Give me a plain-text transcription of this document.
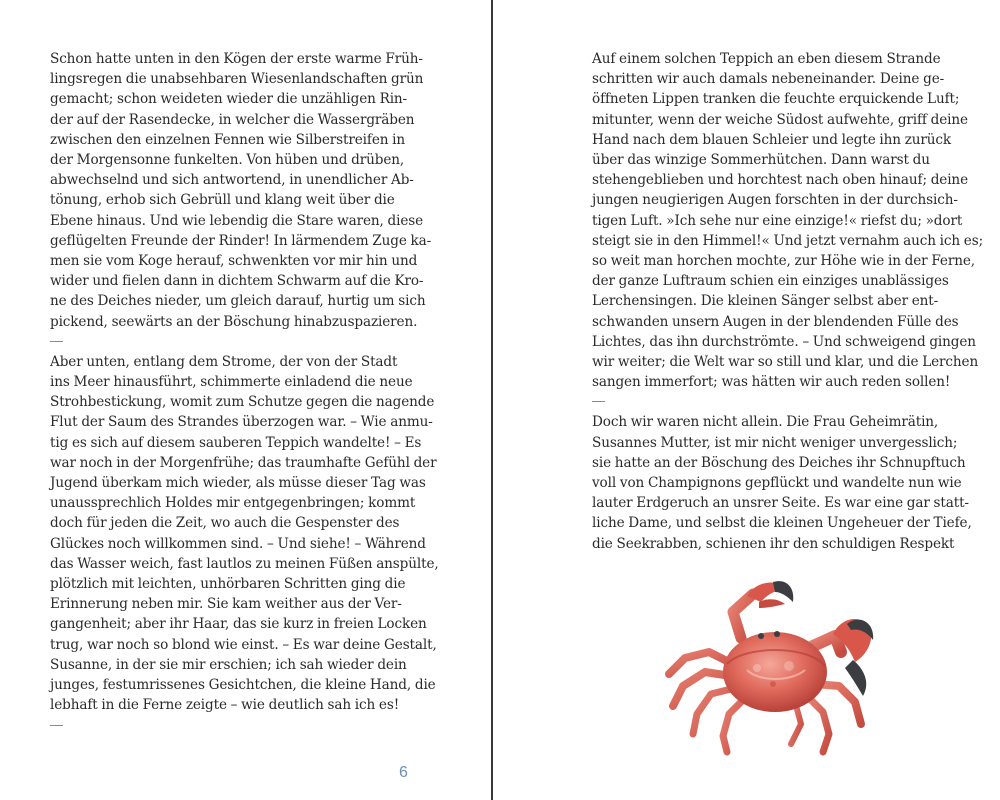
Schon hatte unten in den Kögen der erste warme Früh-
lingsregen die unabsehbaren Wiesenlandschaften grün
gemacht; schon weideten wieder die unzähligen Rin-
der auf der Rasendecke, in welcher die Wassergräben
zwischen den einzelnen Fennen wie Silberstreifen in
der Morgensonne funkelten. Von hüben und drüben,
abwechselnd und sich antwortend, in unendlicher Ab-
tönung, erhob sich Gebrüll und klang weit über die
Ebene hinaus. Und wie lebendig die Stare waren, diese
geflügelten Freunde der Rinder! In lärmendem Zuge ka-
men sie vom Koge herauf, schwenkten vor mir hin und
wider und fielen dann in dichtem Schwarm auf die Kro-
ne des Deiches nieder, um gleich darauf, hurtig um sich
pickend, seewärts an der Böschung hinabzuspazieren.

Aber unten, entlang dem Strome, der von der Stadt
ins Meer hinausführt, schimmerte einladend die neue
Strohbestickung, womit zum Schutze gegen die nagende
Flut der Saum des Strandes überzogen war. – Wie anmu-
tig es sich auf diesem sauberen Teppich wandelte! – Es
war noch in der Morgenfrühe; das traumhafte Gefühl der
Jugend überkam mich wieder, als müsse dieser Tag was
unaussprechlich Holdes mir entgegenbringen; kommt
doch für jeden die Zeit, wo auch die Gespenster des
Glückes noch willkommen sind. – Und siehe! – Während
das Wasser weich, fast lautlos zu meinen Füßen anspülte,
plötzlich mit leichten, unhörbaren Schritten ging die
Erinnerung neben mir. Sie kam weither aus der Ver-
gangenheit; aber ihr Haar, das sie kurz in freien Locken
trug, war noch so blond wie einst. – Es war deine Gestalt,
Susanne, in der sie mir erschien; ich sah wieder dein
junges, festumrissenes Gesichtchen, die kleine Hand, die
lebhaft in die Ferne zeigte – wie deutlich sah ich es!

6

Auf einem solchen Teppich an eben diesem Strande
schritten wir auch damals nebeneinander. Deine ge-
öffneten Lippen tranken die feuchte erquickende Luft;
mitunter, wenn der weiche Südost aufwehte, griff deine
Hand nach dem blauen Schleier und legte ihn zurück
über das winzige Sommerhütchen. Dann warst du
stehengeblieben und horchtest nach oben hinauf; deine
jungen neugierigen Augen forschten in der durchsich-
tigen Luft. »Ich sehe nur eine einzige!« riefst du; »dort
steigt sie in den Himmel!« Und jetzt vernahm auch ich es;
so weit man horchen mochte, zur Höhe wie in der Ferne,
der ganze Luftraum schien ein einziges unablässiges
Lerchensingen. Die kleinen Sänger selbst aber ent-
schwanden unsern Augen in der blendenden Fülle des
Lichtes, das ihn durchströmte. – Und schweigend gingen
wir weiter; die Welt war so still und klar, und die Lerchen
sangen immerfort; was hätten wir auch reden sollen!

Doch wir waren nicht allein. Die Frau Geheimrätin,
Susannes Mutter, ist mir nicht weniger unvergesslich;
sie hatte an der Böschung des Deiches ihr Schnupftuch
voll von Champignons gepflückt und wandelte nun wie
lauter Erdgeruch an unsrer Seite. Es war eine gar statt-
liche Dame, und selbst die kleinen Ungeheuer der Tiefe,
die Seekrabben, schienen ihr den schuldigen Respekt
